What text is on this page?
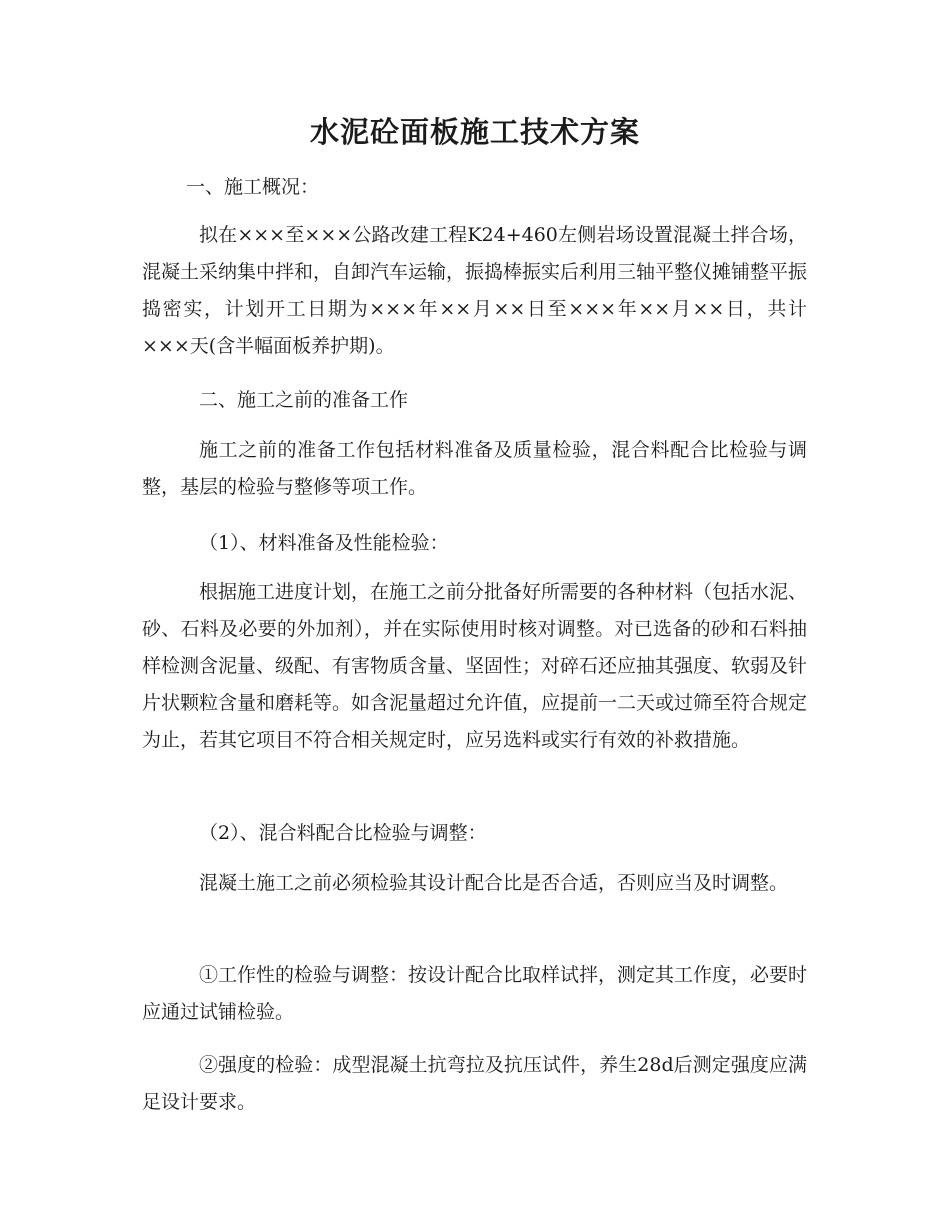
水泥砼面板施工技术方案
一、施工概况：

拟在×××至×××公路改建工程K24+460左侧岩场设置混凝土拌合场，混凝土采纳集中拌和，自卸汽车运输，振捣棒振实后利用三轴平整仪摊铺整平振捣密实，计划开工日期为×××年××月××日至×××年××月××日，共计×××天(含半幅面板养护期)。

二、施工之前的准备工作

施工之前的准备工作包括材料准备及质量检验，混合料配合比检验与调整，基层的检验与整修等项工作。

（1）、材料准备及性能检验：

根据施工进度计划，在施工之前分批备好所需要的各种材料（包括水泥、砂、石料及必要的外加剂），并在实际使用时核对调整。对已选备的砂和石料抽样检测含泥量、级配、有害物质含量、坚固性；对碎石还应抽其强度、软弱及针片状颗粒含量和磨耗等。如含泥量超过允许值，应提前一二天或过筛至符合规定为止，若其它项目不符合相关规定时，应另选料或实行有效的补救措施。

（2）、混合料配合比检验与调整：

混凝土施工之前必须检验其设计配合比是否合适，否则应当及时调整。

①工作性的检验与调整：按设计配合比取样试拌，测定其工作度，必要时应通过试铺检验。

②强度的检验：成型混凝土抗弯拉及抗压试件，养生28d后测定强度应满足设计要求。
